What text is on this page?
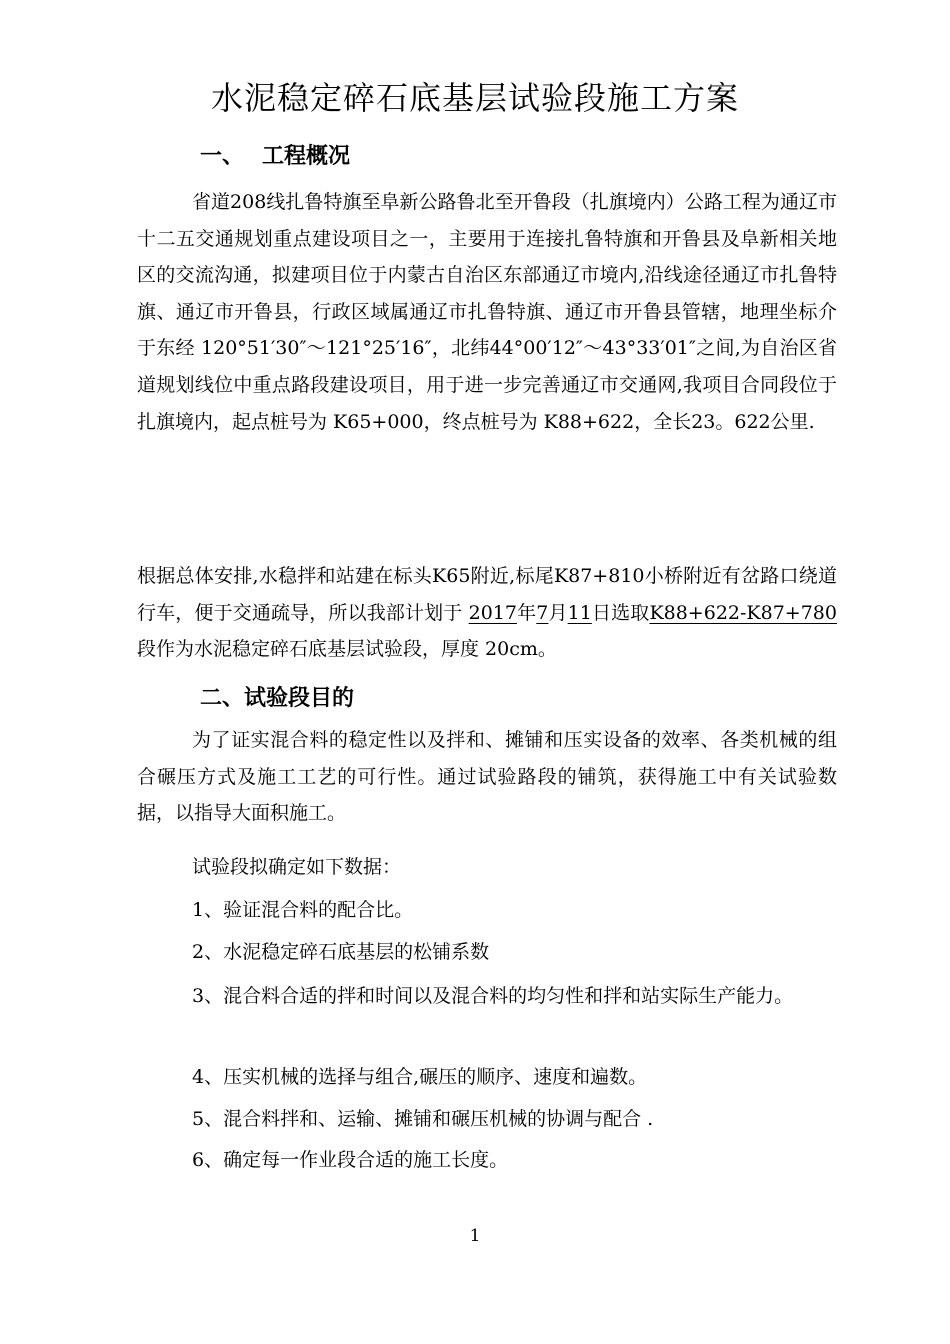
水泥稳定碎石底基层试验段施工方案
一、 工程概况
省道208线扎鲁特旗至阜新公路鲁北至开鲁段（扎旗境内）公路工程为通辽市十二五交通规划重点建设项目之一，主要用于连接扎鲁特旗和开鲁县及阜新相关地区的交流沟通，拟建项目位于内蒙古自治区东部通辽市境内,沿线途径通辽市扎鲁特旗、通辽市开鲁县，行政区域属通辽市扎鲁特旗、通辽市开鲁县管辖，地理坐标介于东经 120°51′30″～121°25′16″，北纬44°00′12″～43°33′01″之间,为自治区省道规划线位中重点路段建设项目，用于进一步完善通辽市交通网,我项目合同段位于扎旗境内，起点桩号为 K65+000，终点桩号为 K88+622，全长23。622公里.
根据总体安排,水稳拌和站建在标头K65附近,标尾K87+810小桥附近有岔路口绕道行车，便于交通疏导，所以我部计划于 2017年7月11日选取K88+622-K87+780段作为水泥稳定碎石底基层试验段，厚度 20cm。
二、试验段目的
为了证实混合料的稳定性以及拌和、摊铺和压实设备的效率、各类机械的组合碾压方式及施工工艺的可行性。通过试验路段的铺筑，获得施工中有关试验数据，以指导大面积施工。
试验段拟确定如下数据：
1、验证混合料的配合比。
2、水泥稳定碎石底基层的松铺系数
3、混合料合适的拌和时间以及混合料的均匀性和拌和站实际生产能力。
4、压实机械的选择与组合,碾压的顺序、速度和遍数。
5、混合料拌和、运输、摊铺和碾压机械的协调与配合 .
6、确定每一作业段合适的施工长度。
1
